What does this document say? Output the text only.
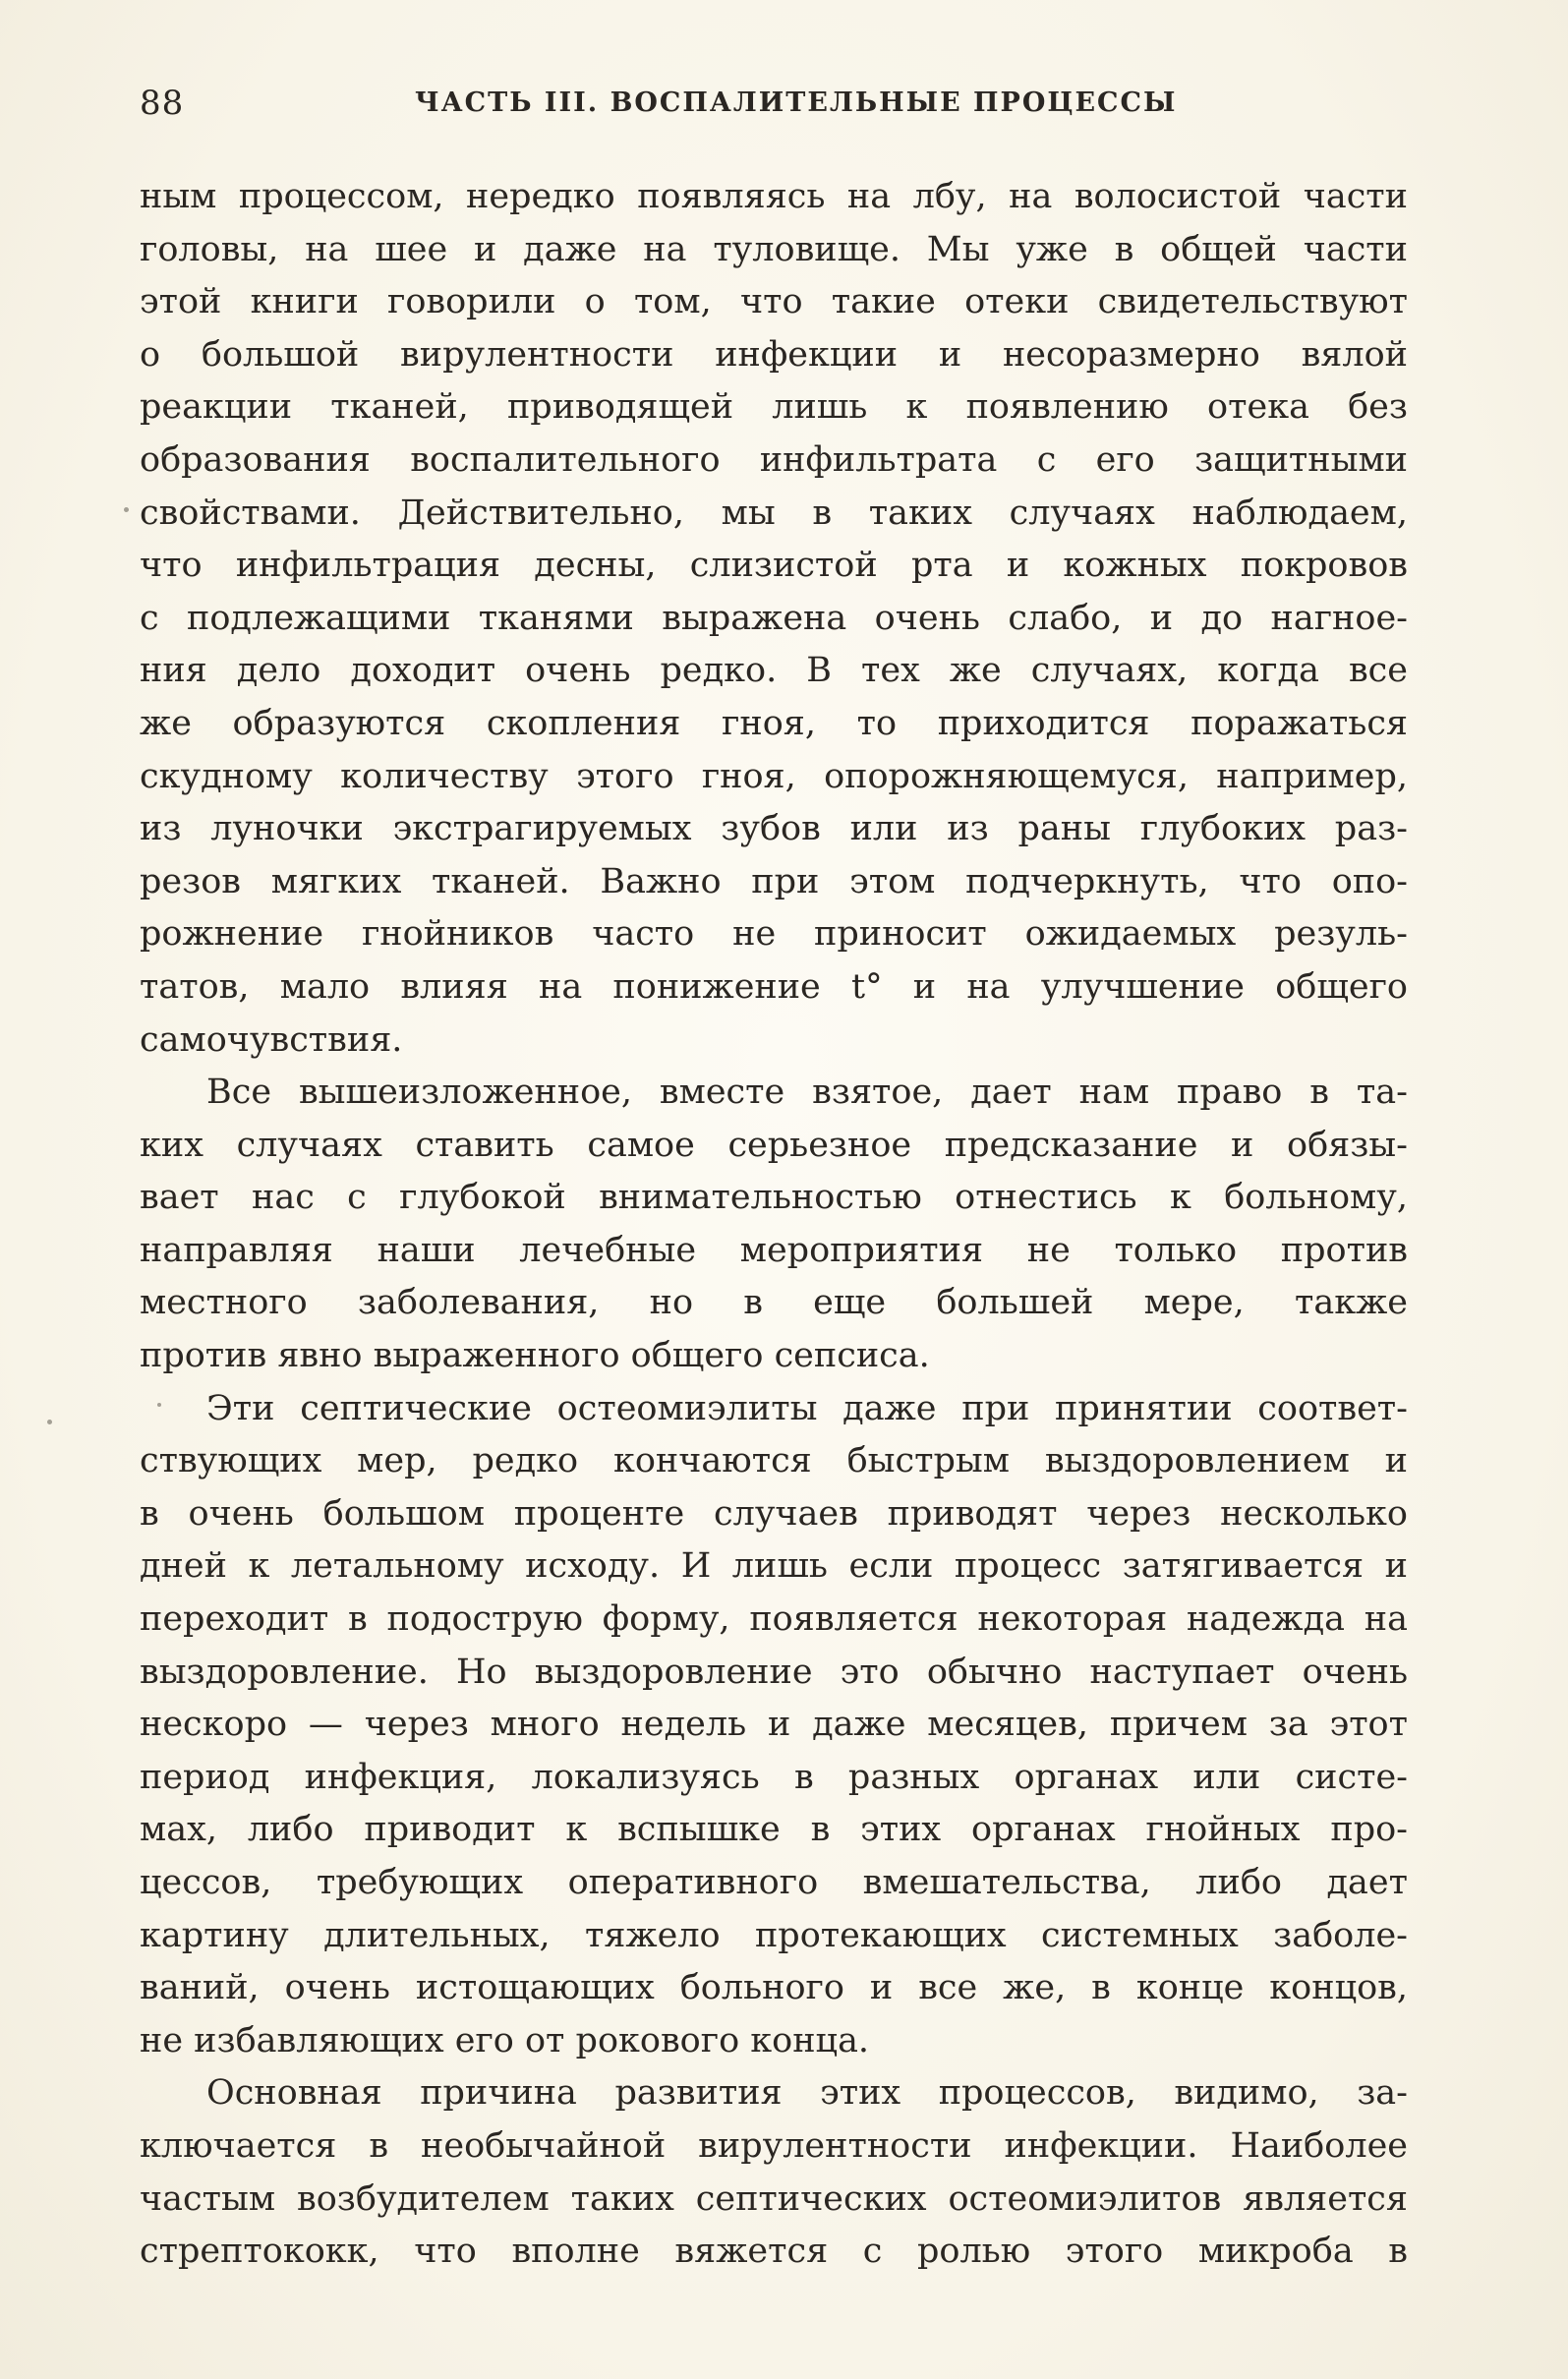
88	ЧАСТЬ III. ВОСПАЛИТЕЛЬНЫЕ ПРОЦЕССЫ
ным процессом, нередко появляясь на лбу, на волосистой части
головы, на шее и даже на туловище. Мы уже в общей части
этой книги говорили о том, что такие отеки свидетельствуют
о большой вирулентности инфекции и несоразмерно вялой
реакции тканей, приводящей лишь к появлению отека без
образования воспалительного инфильтрата с его защитными
свойствами. Действительно, мы в таких случаях наблюдаем,
что инфильтрация десны, слизистой рта и кожных покровов
с подлежащими тканями выражена очень слабо, и до нагное-
ния дело доходит очень редко. В тех же случаях, когда все
же образуются скопления гноя, то приходится поражаться
скудному количеству этого гноя, опорожняющемуся, например,
из луночки экстрагируемых зубов или из раны глубоких раз-
резов мягких тканей. Важно при этом подчеркнуть, что опо-
рожнение гнойников часто не приносит ожидаемых резуль-
татов, мало влияя на понижение t° и на улучшение общего
самочувствия.
Все вышеизложенное, вместе взятое, дает нам право в та-
ких случаях ставить самое серьезное предсказание и обязы-
вает нас с глубокой внимательностью отнестись к больному,
направляя наши лечебные мероприятия не только против
местного заболевания, но в еще большей мере, также
против явно выраженного общего сепсиса.
Эти септические остеомиэлиты даже при принятии соответ-
ствующих мер, редко кончаются быстрым выздоровлением и
в очень большом проценте случаев приводят через несколько
дней к летальному исходу. И лишь если процесс затягивается и
переходит в подострую форму, появляется некоторая надежда на
выздоровление. Но выздоровление это обычно наступает очень
нескоро — через много недель и даже месяцев, причем за этот
период инфекция, локализуясь в разных органах или систе-
мах, либо приводит к вспышке в этих органах гнойных про-
цессов, требующих оперативного вмешательства, либо дает
картину длительных, тяжело протекающих системных заболе-
ваний, очень истощающих больного и все же, в конце концов,
не избавляющих его от рокового конца.
Основная причина развития этих процессов, видимо, за-
ключается в необычайной вирулентности инфекции. Наиболее
частым возбудителем таких септических остеомиэлитов является
стрептококк, что вполне вяжется с ролью этого микроба в
